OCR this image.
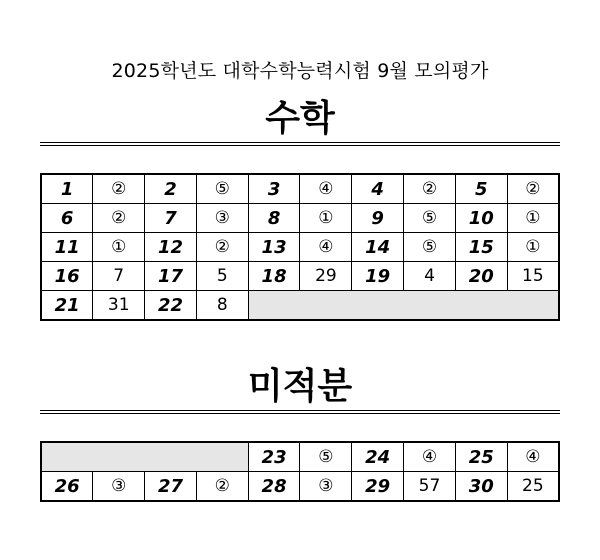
2025학년도 대학수학능력시험 9월 모의평가
수학
1	②	2	⑤	3	④	4	②	5	②
6	②	7	③	8	①	9	⑤	10	①
11	①	12	②	13	④	14	⑤	15	①
16	7	17	5	18	29	19	4	20	15
21	31	22	8						
미적분
				23	⑤	24	④	25	④
26	③	27	②	28	③	29	57	30	25
